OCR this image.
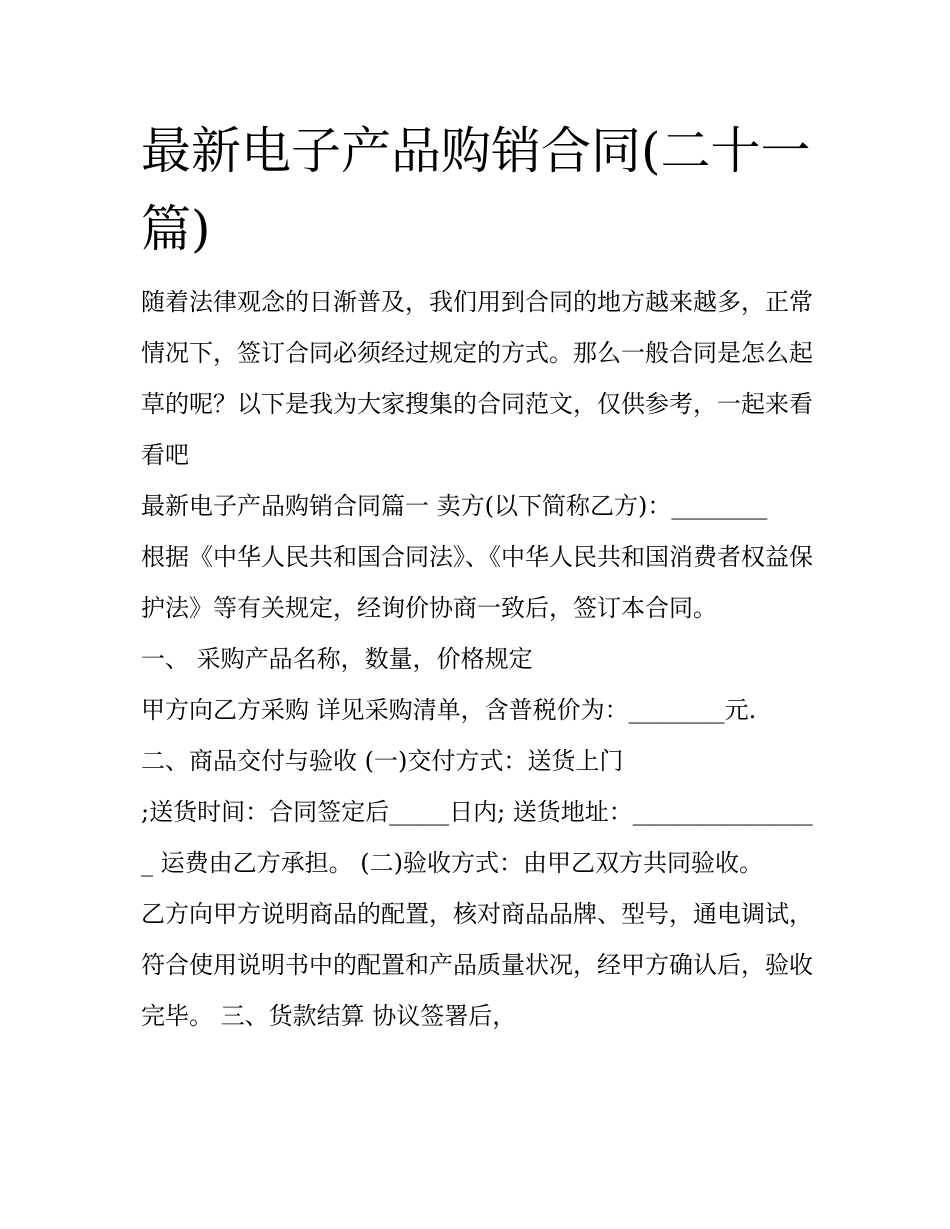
最新电子产品购销合同(二十一篇)

随着法律观念的日渐普及，我们用到合同的地方越来越多，正常情况下，签订合同必须经过规定的方式。那么一般合同是怎么起草的呢？以下是我为大家搜集的合同范文，仅供参考，一起来看看吧

最新电子产品购销合同篇一 卖方(以下简称乙方)：________

根据《中华人民共和国合同法》、《中华人民共和国消费者权益保护法》等有关规定，经询价协商一致后，签订本合同。

一、 采购产品名称，数量，价格规定

甲方向乙方采购 详见采购清单，含普税价为：________元.

二、商品交付与验收 (一)交付方式：送货上门

;送货时间：合同签定后_____日内; 送货地址：________________ 运费由乙方承担。 (二)验收方式：由甲乙双方共同验收。

乙方向甲方说明商品的配置，核对商品品牌、型号，通电调试，符合使用说明书中的配置和产品质量状况，经甲方确认后，验收完毕。 三、货款结算 协议签署后，
